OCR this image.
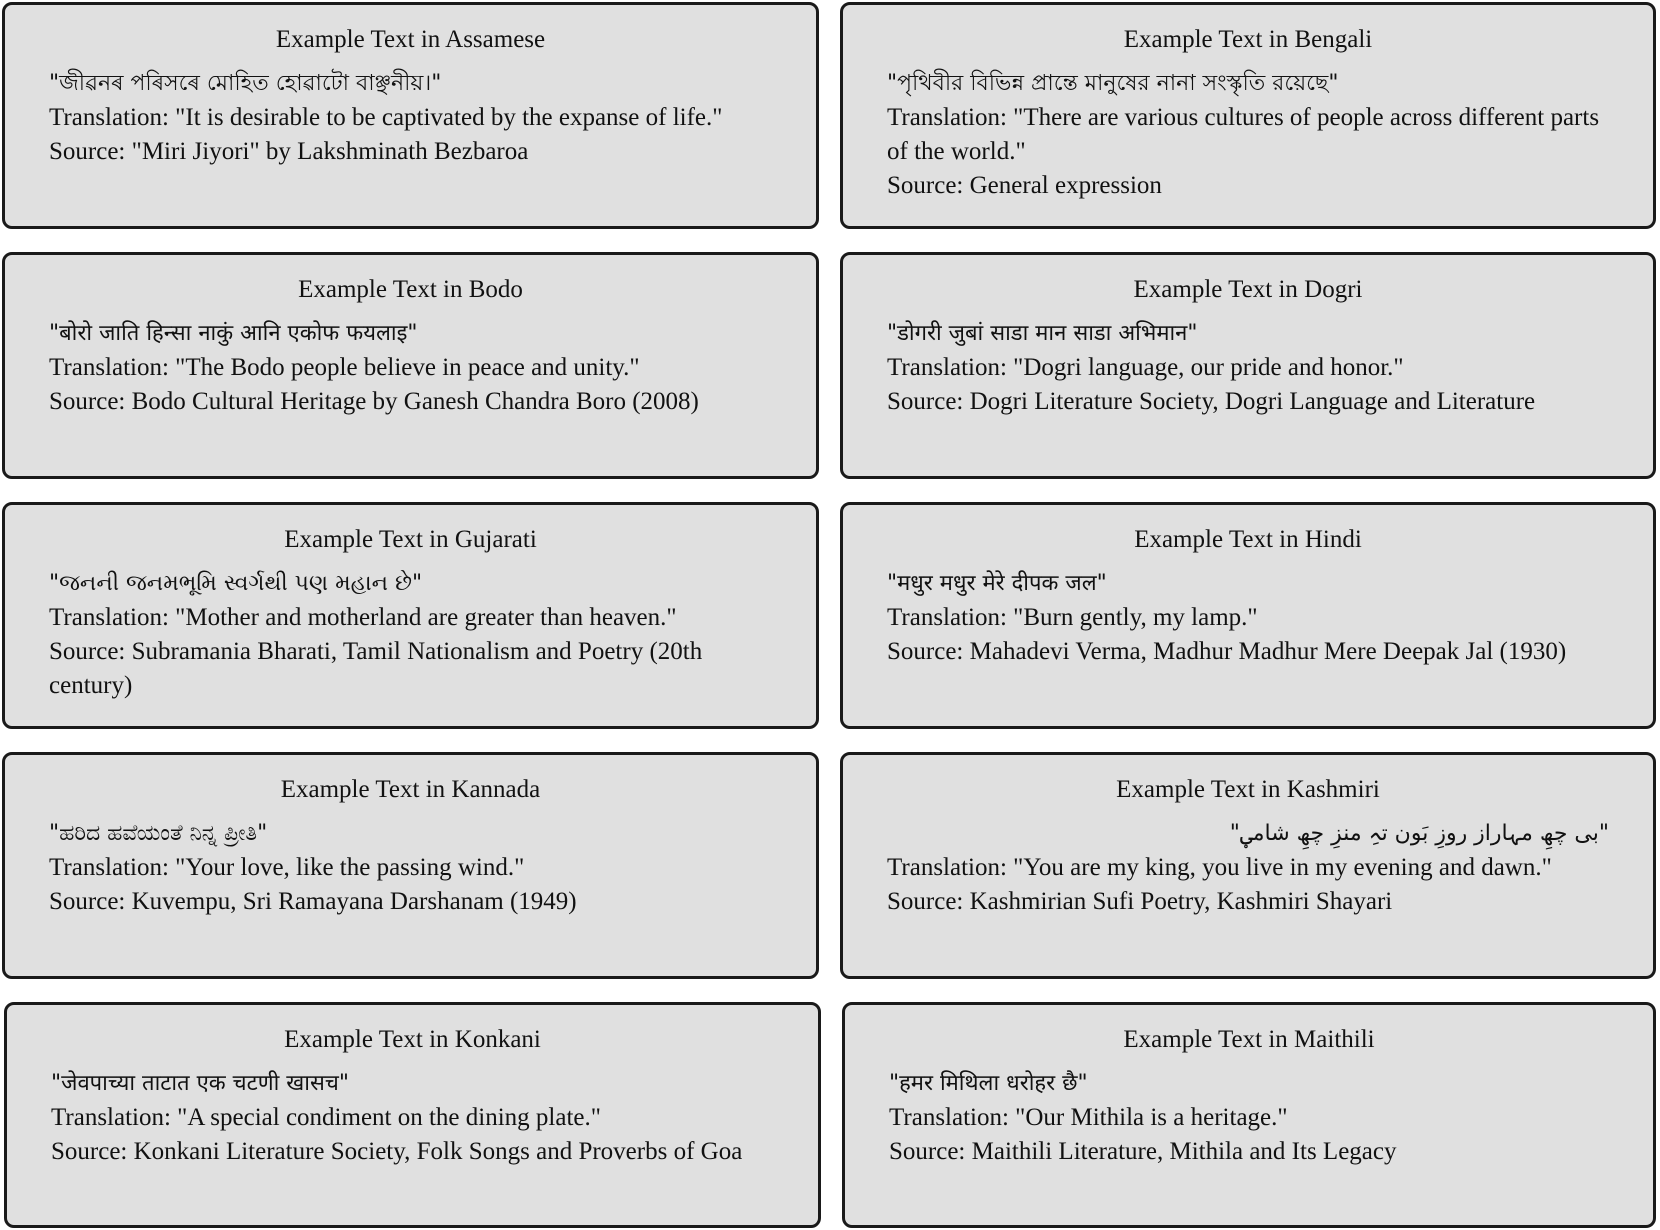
Example Text in Assamese
"জীৱনৰ পৰিসৰে মোহিত হোৱাটো বাঞ্ছনীয়।"
Translation: "It is desirable to be captivated by the expanse of life."
Source: "Miri Jiyori" by Lakshminath Bezbaroa
Example Text in Bengali
"পৃথিবীর বিভিন্ন প্রান্তে মানুষের নানা সংস্কৃতি রয়েছে"
Translation: "There are various cultures of people across different parts of the world."
Source: General expression
Example Text in Bodo
"बोरो जाति हिन्सा नाकुं आनि एकोफ फयलाइ"
Translation: "The Bodo people believe in peace and unity."
Source: Bodo Cultural Heritage by Ganesh Chandra Boro (2008)
Example Text in Dogri
"डोगरी जुबां साडा मान साडा अभिमान"
Translation: "Dogri language, our pride and honor."
Source: Dogri Literature Society, Dogri Language and Literature
Example Text in Gujarati
"જનની જનમભૂમિ સ્વર્ગથી પણ મહાન છે"
Translation: "Mother and motherland are greater than heaven."
Source: Subramania Bharati, Tamil Nationalism and Poetry (20th century)
Example Text in Hindi
"मधुर मधुर मेरे दीपक जल"
Translation: "Burn gently, my lamp."
Source: Mahadevi Verma, Madhur Madhur Mere Deepak Jal (1930)
Example Text in Kannada
"ಹರಿದ ಹವೆಯಂತೆ ನಿನ್ನ ಪ್ರೀತಿ"
Translation: "Your love, like the passing wind."
Source: Kuvempu, Sri Ramayana Darshanam (1949)
Example Text in Kashmiri
"بی چھِ مہاراز روزِ بَون تہِ منزِ چھِ شامؠ"
Translation: "You are my king, you live in my evening and dawn."
Source: Kashmirian Sufi Poetry, Kashmiri Shayari
Example Text in Konkani
"जेवपाच्या ताटात एक चटणी खासच"
Translation: "A special condiment on the dining plate."
Source: Konkani Literature Society, Folk Songs and Proverbs of Goa
Example Text in Maithili
"हमर मिथिला धरोहर छै"
Translation: "Our Mithila is a heritage."
Source: Maithili Literature, Mithila and Its Legacy
